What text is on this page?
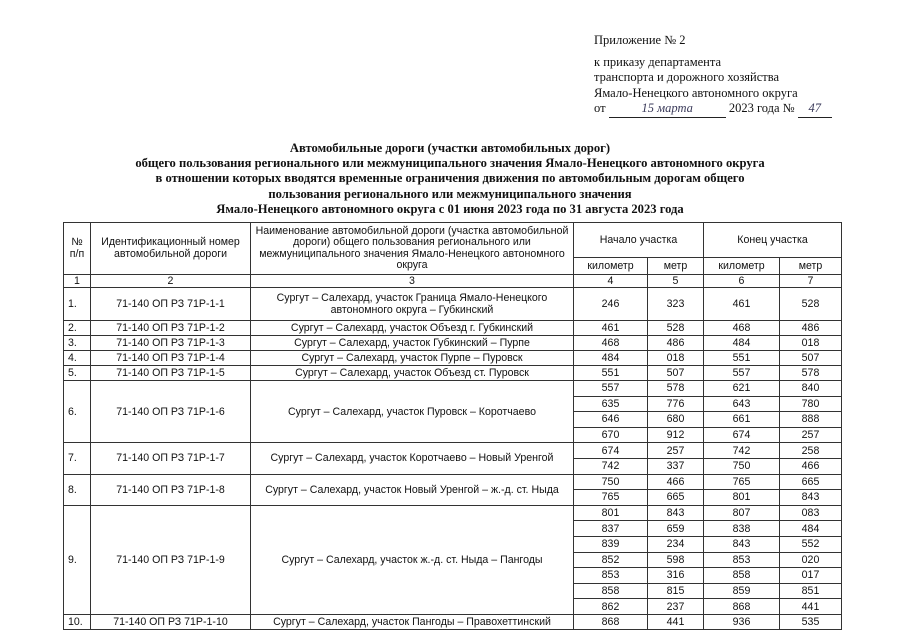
Приложение № 2
к приказу департамента
транспорта и дорожного хозяйства
Ямало-Ненецкого автономного округа
от	15 марта	2023 года № 47
Автомобильные дороги (участки автомобильных дорог)
общего пользования регионального или межмуниципального значения Ямало-Ненецкого автономного округа
в отношении которых вводятся временные ограничения движения по автомобильным дорогам общего
пользования регионального или межмуниципального значения
Ямало-Ненецкого автономного округа с 01 июня 2023 года по 31 августа 2023 года
№ п/п	Идентификационный номер автомобильной дороги	Наименование автомобильной дороги (участка автомобильной дороги) общего пользования регионального или межмуниципального значения Ямало-Ненецкого автономного округа	Начало участка		Конец участка	
			километр	метр	километр	метр
1	2	3	4	5	6	7
1.	71-140 ОП РЗ 71Р-1-1	Сургут – Салехард, участок Граница Ямало-Ненецкого автономного округа – Губкинский	246	323	461	528
2.	71-140 ОП РЗ 71Р-1-2	Сургут – Салехард, участок Объезд г. Губкинский	461	528	468	486
3.	71-140 ОП РЗ 71Р-1-3	Сургут – Салехард, участок Губкинский – Пурпе	468	486	484	018
4.	71-140 ОП РЗ 71Р-1-4	Сургут – Салехард, участок Пурпе – Пуровск	484	018	551	507
5.	71-140 ОП РЗ 71Р-1-5	Сургут – Салехард, участок Объезд ст. Пуровск	551	507	557	578
6.	71-140 ОП РЗ 71Р-1-6	Сургут – Салехард, участок Пуровск – Коротчаево	557	578	621	840
			635	776	643	780
			646	680	661	888
			670	912	674	257
7.	71-140 ОП РЗ 71Р-1-7	Сургут – Салехард, участок Коротчаево – Новый Уренгой	674	257	742	258
			742	337	750	466
8.	71-140 ОП РЗ 71Р-1-8	Сургут – Салехард, участок Новый Уренгой – ж.-д. ст. Ныда	750	466	765	665
			765	665	801	843
9.	71-140 ОП РЗ 71Р-1-9	Сургут – Салехард, участок ж.-д. ст. Ныда – Пангоды	801	843	807	083
			837	659	838	484
			839	234	843	552
			852	598	853	020
			853	316	858	017
			858	815	859	851
			862	237	868	441
10.	71-140 ОП РЗ 71Р-1-10	Сургут – Салехард, участок Пангоды – Правохеттинский	868	441	936	535
